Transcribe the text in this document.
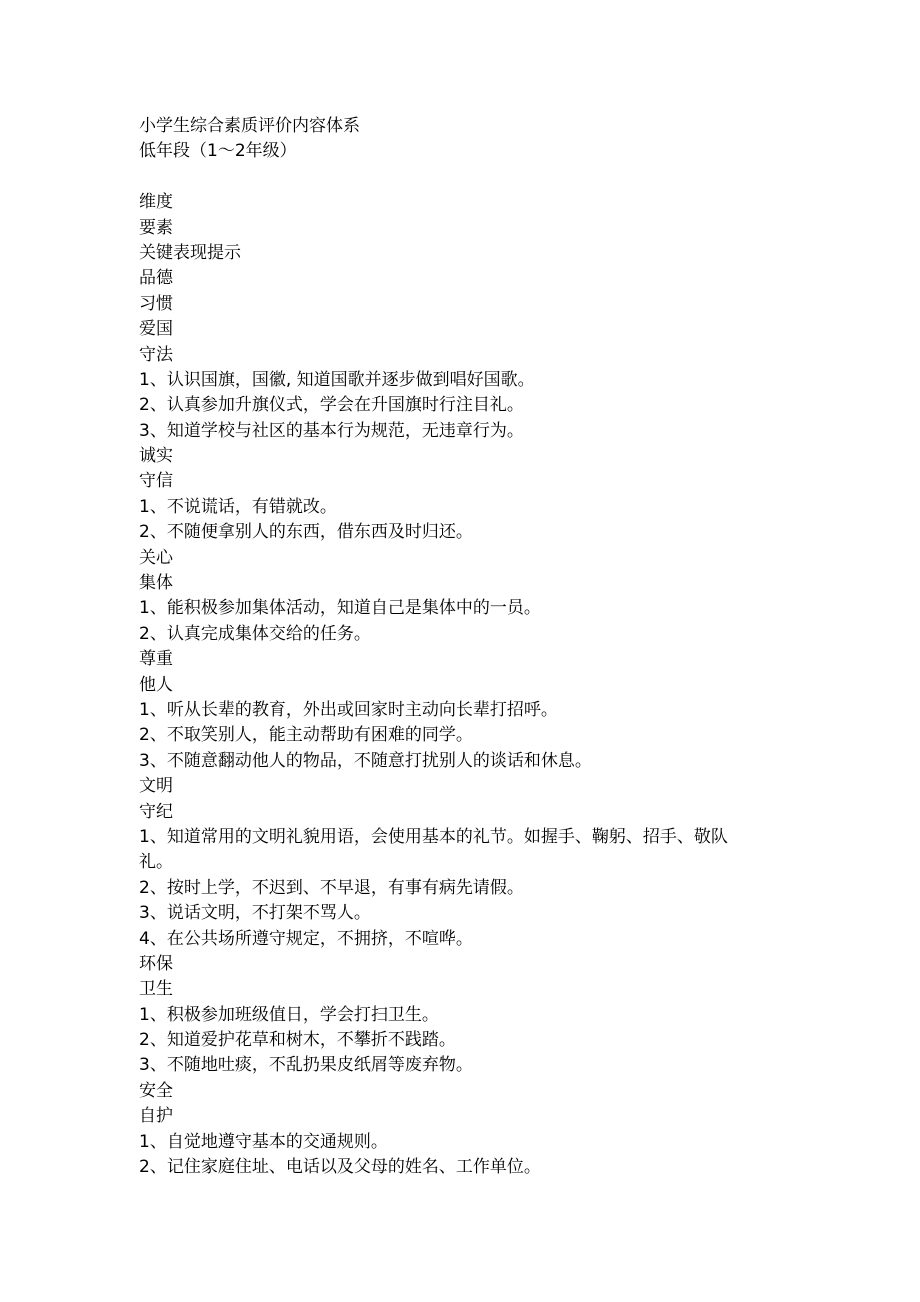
小学生综合素质评价内容体系
低年段（1～2年级）
维度
要素
关键表现提示
品德
习惯
爱国
守法
1、认识国旗，国徽, 知道国歌并逐步做到唱好国歌。
2、认真参加升旗仪式，学会在升国旗时行注目礼。
3、知道学校与社区的基本行为规范，无违章行为。
诚实
守信
1、不说谎话，有错就改。
2、不随便拿别人的东西，借东西及时归还。
关心
集体
1、能积极参加集体活动，知道自己是集体中的一员。
2、认真完成集体交给的任务。
尊重
他人
1、听从长辈的教育，外出或回家时主动向长辈打招呼。
2、不取笑别人，能主动帮助有困难的同学。
3、不随意翻动他人的物品，不随意打扰别人的谈话和休息。
文明
守纪
1、知道常用的文明礼貌用语，会使用基本的礼节。如握手、鞠躬、招手、敬队
礼。
2、按时上学，不迟到、不早退，有事有病先请假。
3、说话文明，不打架不骂人。
4、在公共场所遵守规定，不拥挤，不喧哗。
环保
卫生
1、积极参加班级值日，学会打扫卫生。
2、知道爱护花草和树木，不攀折不践踏。
3、不随地吐痰，不乱扔果皮纸屑等废弃物。
安全
自护
1、自觉地遵守基本的交通规则。
2、记住家庭住址、电话以及父母的姓名、工作单位。
